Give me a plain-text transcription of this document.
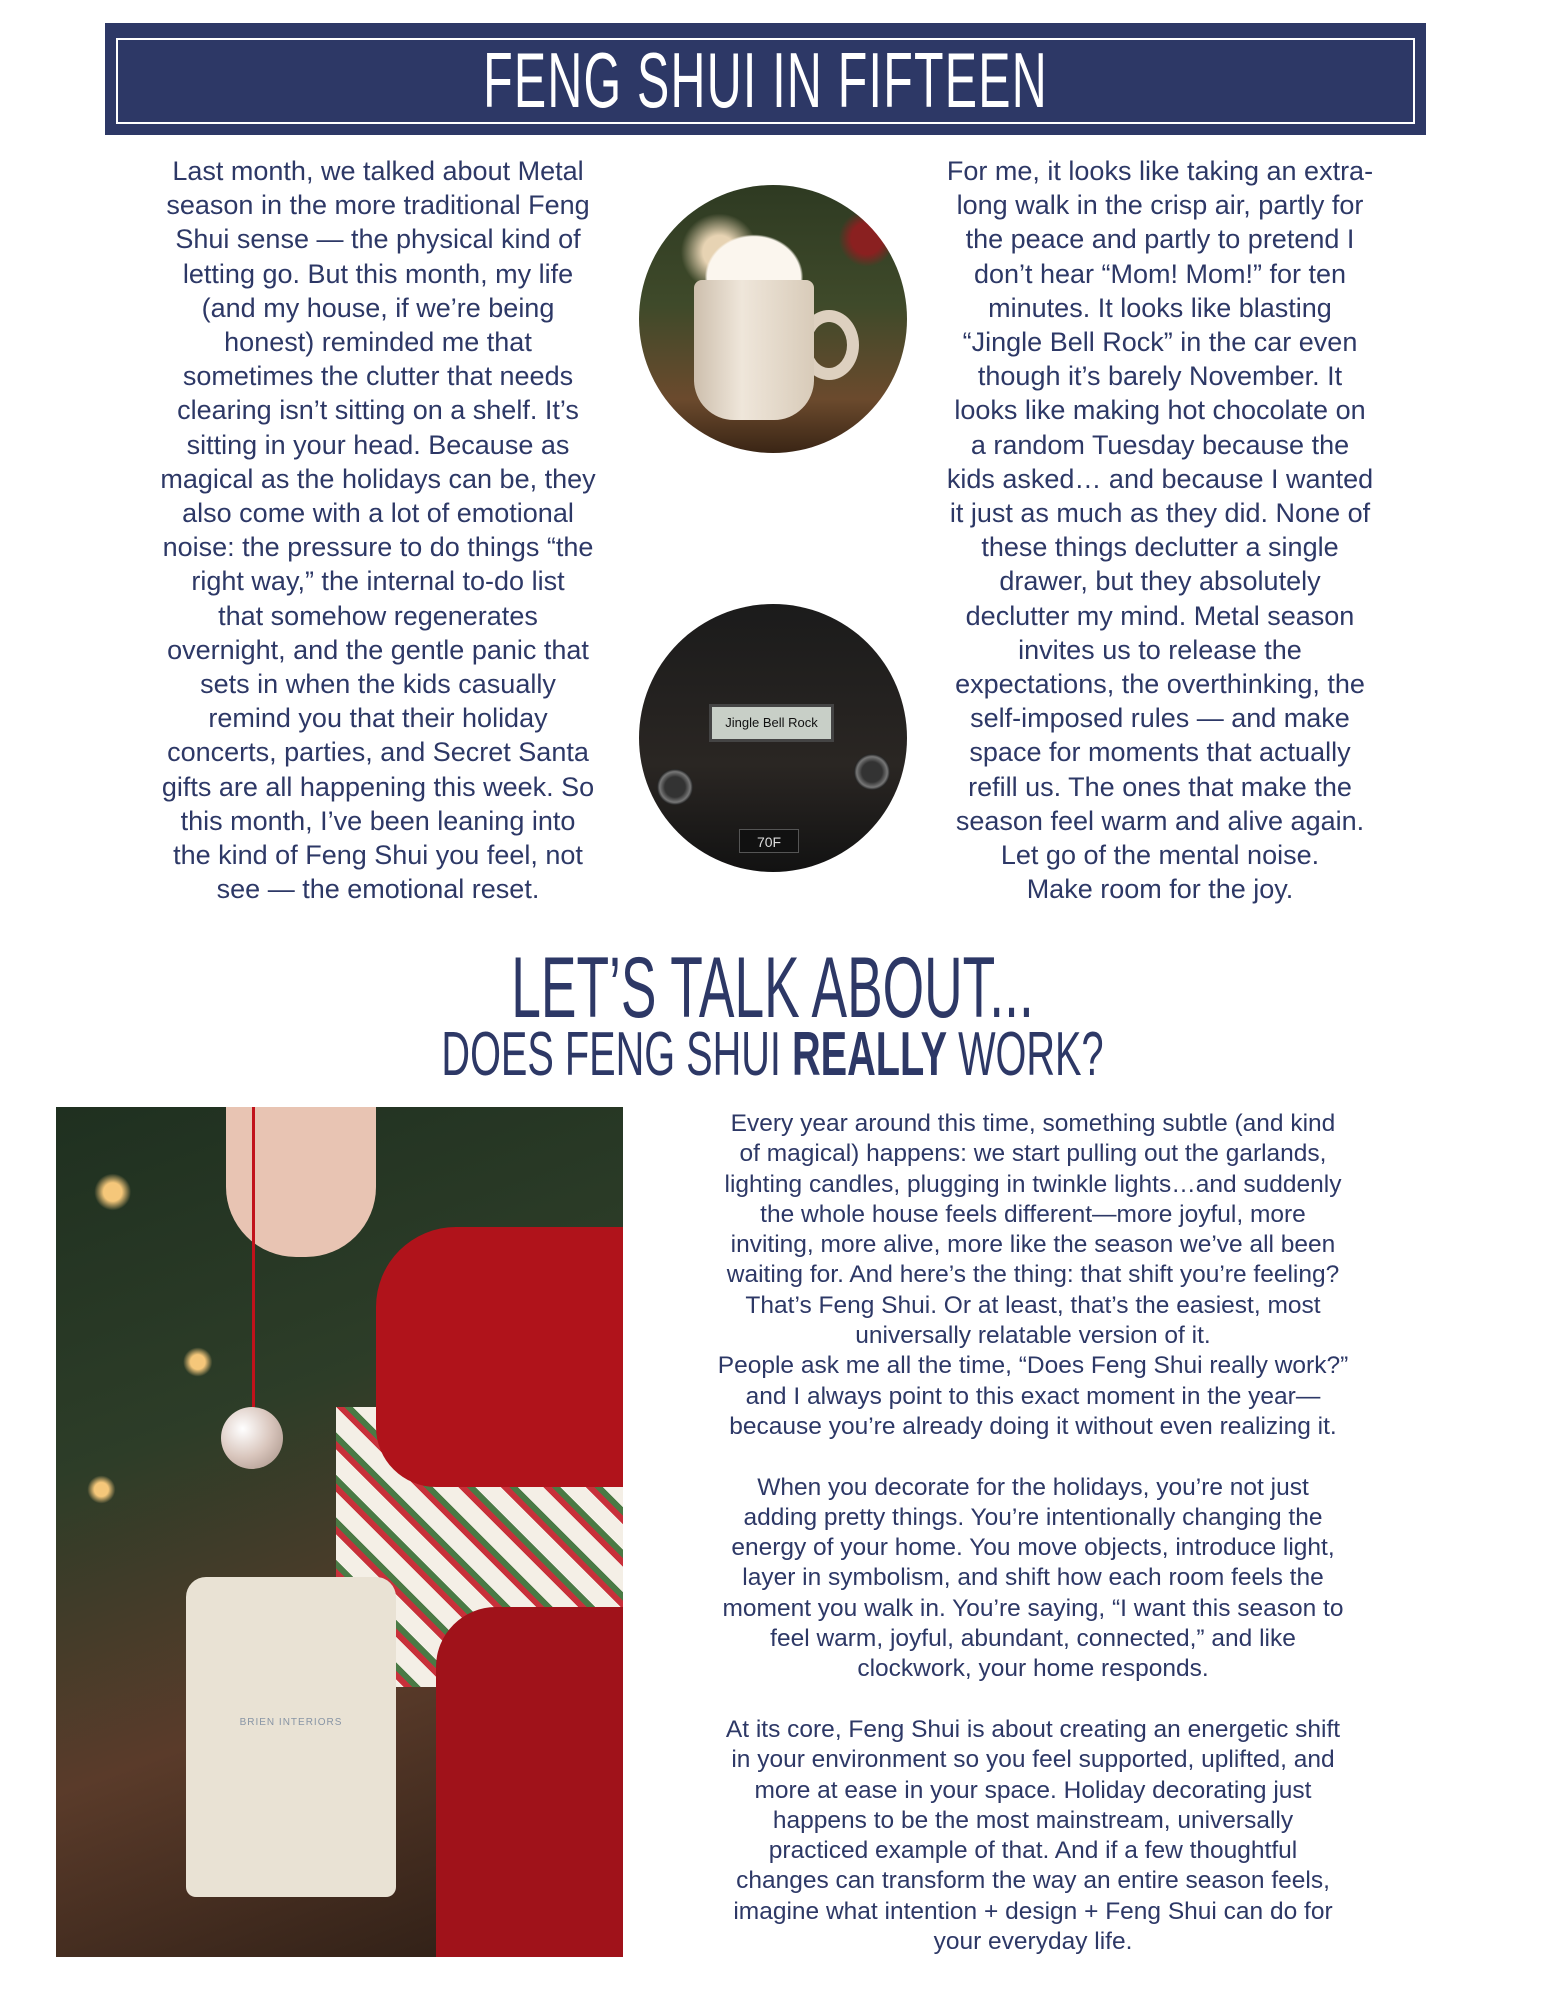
FENG SHUI IN FIFTEEN
Last month, we talked about Metal
season in the more traditional Feng
Shui sense — the physical kind of
letting go. But this month, my life
(and my house, if we’re being
honest) reminded me that
sometimes the clutter that needs
clearing isn’t sitting on a shelf. It’s
sitting in your head. Because as
magical as the holidays can be, they
also come with a lot of emotional
noise: the pressure to do things “the
right way,” the internal to-do list
that somehow regenerates
overnight, and the gentle panic that
sets in when the kids casually
remind you that their holiday
concerts, parties, and Secret Santa
gifts are all happening this week. So
this month, I’ve been leaning into
the kind of Feng Shui you feel, not
see — the emotional reset.
For me, it looks like taking an extra-
long walk in the crisp air, partly for
the peace and partly to pretend I
don’t hear “Mom! Mom!” for ten
minutes. It looks like blasting
“Jingle Bell Rock” in the car even
though it’s barely November. It
looks like making hot chocolate on
a random Tuesday because the
kids asked… and because I wanted
it just as much as they did. None of
these things declutter a single
drawer, but they absolutely
declutter my mind. Metal season
invites us to release the
expectations, the overthinking, the
self-imposed rules — and make
space for moments that actually
refill us. The ones that make the
season feel warm and alive again.
Let go of the mental noise.
Make room for the joy.
Jingle Bell Rock
70F
LET’S TALK ABOUT...
DOES FENG SHUI REALLY WORK?
BRIEN INTERIORS
Every year around this time, something subtle (and kind
of magical) happens: we start pulling out the garlands,
lighting candles, plugging in twinkle lights…and suddenly
the whole house feels different—more joyful, more
inviting, more alive, more like the season we’ve all been
waiting for. And here’s the thing: that shift you’re feeling?
That’s Feng Shui. Or at least, that’s the easiest, most
universally relatable version of it.
People ask me all the time, “Does Feng Shui really work?”
and I always point to this exact moment in the year—
because you’re already doing it without even realizing it.
When you decorate for the holidays, you’re not just
adding pretty things. You’re intentionally changing the
energy of your home. You move objects, introduce light,
layer in symbolism, and shift how each room feels the
moment you walk in. You’re saying, “I want this season to
feel warm, joyful, abundant, connected,” and like
clockwork, your home responds.
At its core, Feng Shui is about creating an energetic shift
in your environment so you feel supported, uplifted, and
more at ease in your space. Holiday decorating just
happens to be the most mainstream, universally
practiced example of that. And if a few thoughtful
changes can transform the way an entire season feels,
imagine what intention + design + Feng Shui can do for
your everyday life.
